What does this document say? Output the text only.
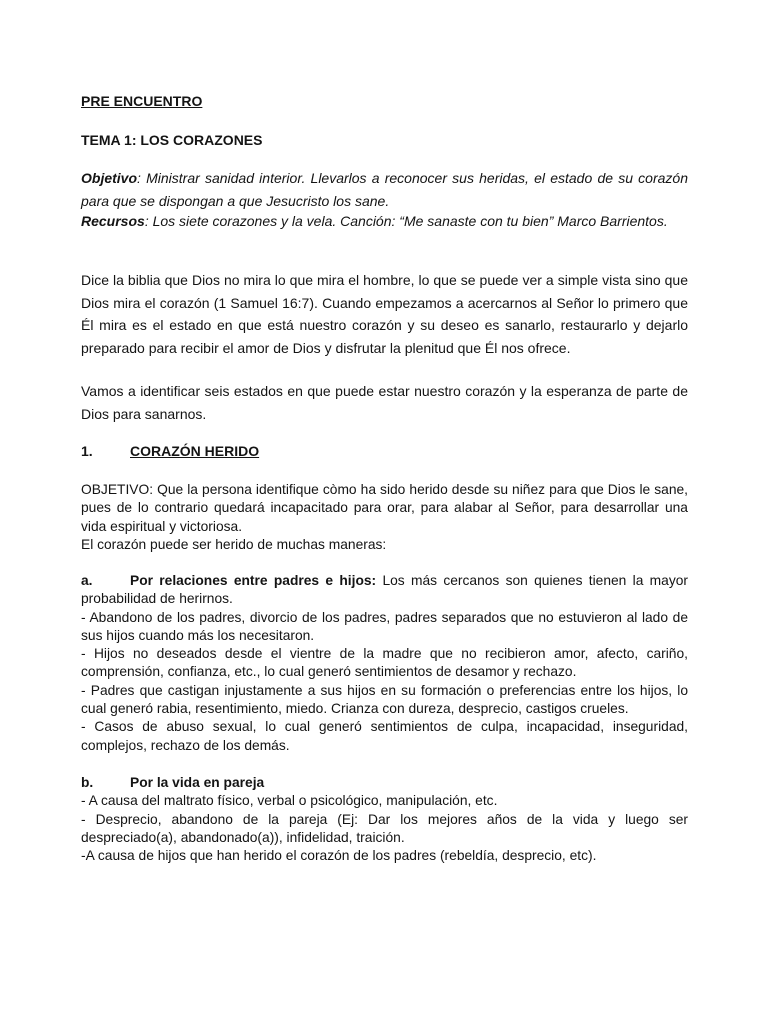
PRE ENCUENTRO
TEMA 1: LOS CORAZONES

Objetivo: Ministrar sanidad interior. Llevarlos a reconocer sus heridas, el estado de su corazón para que se dispongan a que Jesucristo los sane.

Recursos: Los siete corazones y la vela. Canción: “Me sanaste con tu bien” Marco Barrientos.

Dice la biblia que Dios no mira lo que mira el hombre, lo que se puede ver a simple vista sino que Dios mira el corazón (1 Samuel 16:7). Cuando empezamos a acercarnos al Señor lo primero que Él mira es el estado en que está nuestro corazón y su deseo es sanarlo, restaurarlo y dejarlo preparado para recibir el amor de Dios y disfrutar la plenitud que Él nos ofrece.

Vamos a identificar seis estados en que puede estar nuestro corazón y la esperanza de parte de Dios para sanarnos.

1.	CORAZÓN HERIDO

OBJETIVO: Que la persona identifique còmo ha sido herido desde su niñez para que Dios le sane, pues de lo contrario quedará incapacitado para orar, para alabar al Señor, para desarrollar una vida espiritual y victoriosa.

El corazón puede ser herido de muchas maneras:

a.	Por relaciones entre padres e hijos: Los más cercanos son quienes tienen la mayor probabilidad de herirnos.
- Abandono de los padres, divorcio de los padres, padres separados que no estuvieron al lado de sus hijos cuando más los necesitaron.
- Hijos no deseados desde el vientre de la madre que no recibieron amor, afecto, cariño, comprensión, confianza, etc., lo cual generó sentimientos de desamor y rechazo.
- Padres que castigan injustamente a sus hijos en su formación o preferencias entre los hijos, lo cual generó rabia, resentimiento, miedo. Crianza con dureza, desprecio, castigos crueles.
- Casos de abuso sexual, lo cual generó sentimientos de culpa, incapacidad, inseguridad, complejos, rechazo de los demás.
b.	Por la vida en pareja
- A causa del maltrato físico, verbal o psicológico, manipulación, etc.
- Desprecio, abandono de la pareja (Ej: Dar los mejores años de la vida y luego ser despreciado(a), abandonado(a)), infidelidad, traición.
-A causa de hijos que han herido el corazón de los padres (rebeldía, desprecio, etc).
